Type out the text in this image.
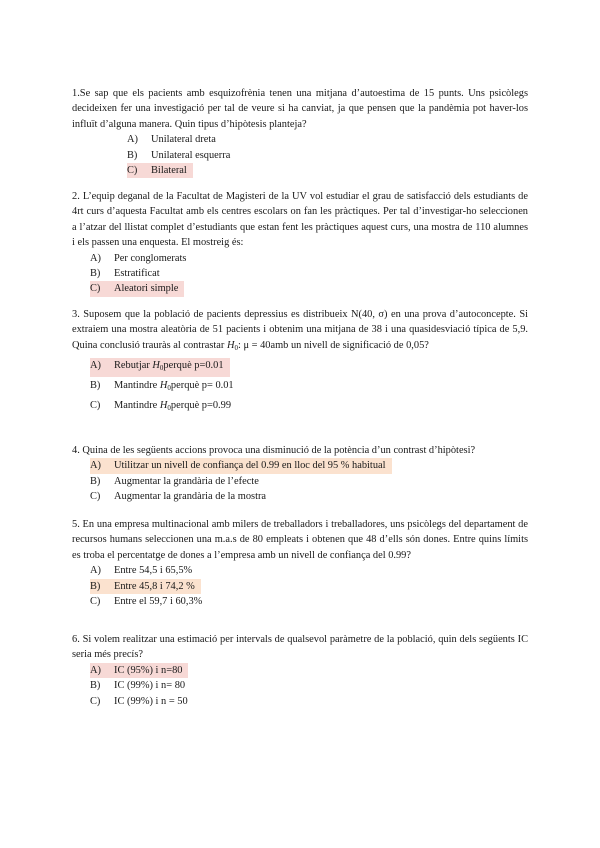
1.Se sap que els pacients amb esquizofrènia tenen una mitjana d’autoestima de 15 punts. Uns psicòlegs decideixen fer una investigació per tal de veure si ha canviat, ja que pensen que la pandèmia pot haver-los influït d’alguna manera. Quin tipus d’hipòtesis planteja?

A) Unilateral dreta
B) Unilateral esquerra
C) Bilateral

2. L’equip deganal de la Facultat de Magisteri de la UV vol estudiar el grau de satisfacció dels estudiants de 4rt curs d’aquesta Facultat amb els centres escolars on fan les pràctiques. Per tal d’investigar-ho seleccionen a l’atzar del llistat complet d’estudiants que estan fent les pràctiques aquest curs, una mostra de 110 alumnes i els passen una enquesta. El mostreig és:

A) Per conglomerats
B) Estratificat
C) Aleatori simple

3. Suposem que la població de pacients depressius es distribueix N(40, σ) en una prova d’autoconcepte. Si extraiem una mostra aleatòria de 51 pacients i obtenim una mitjana de 38 i una quasidesviació típica de 5,9. Quina conclusió trauràs al contrastar $H_0$: μ = 40amb un nivell de significació de 0,05?

A) Rebutjar $H_0perquè$ p=0.01
B) Mantindre $H_0perquè$ p= 0.01
C) Mantindre $H_0perquè$ p=0.99

4. Quina de les següents accions provoca una disminució de la potència d’un contrast d’hipòtesi?

A) Utilitzar un nivell de confiança del 0.99 en lloc del 95 % habitual
B) Augmentar la grandària de l’efecte
C) Augmentar la grandària de la mostra

5. En una empresa multinacional amb milers de treballadors i treballadores, uns psicòlegs del departament de recursos humans seleccionen una m.a.s de 80 empleats i obtenen que 48 d’ells són dones. Entre quins límits es troba el percentatge de dones a l’empresa amb un nivell de confiança del 0.99?

A) Entre 54,5 i 65,5%
B) Entre 45,8 i 74,2 %
C) Entre el 59,7 i 60,3%

6. Si volem realitzar una estimació per intervals de qualsevol paràmetre de la població, quin dels següents IC seria més precís?

A) IC (95%) i n=80
B) IC (99%) i n= 80
C) IC (99%) i n = 50
